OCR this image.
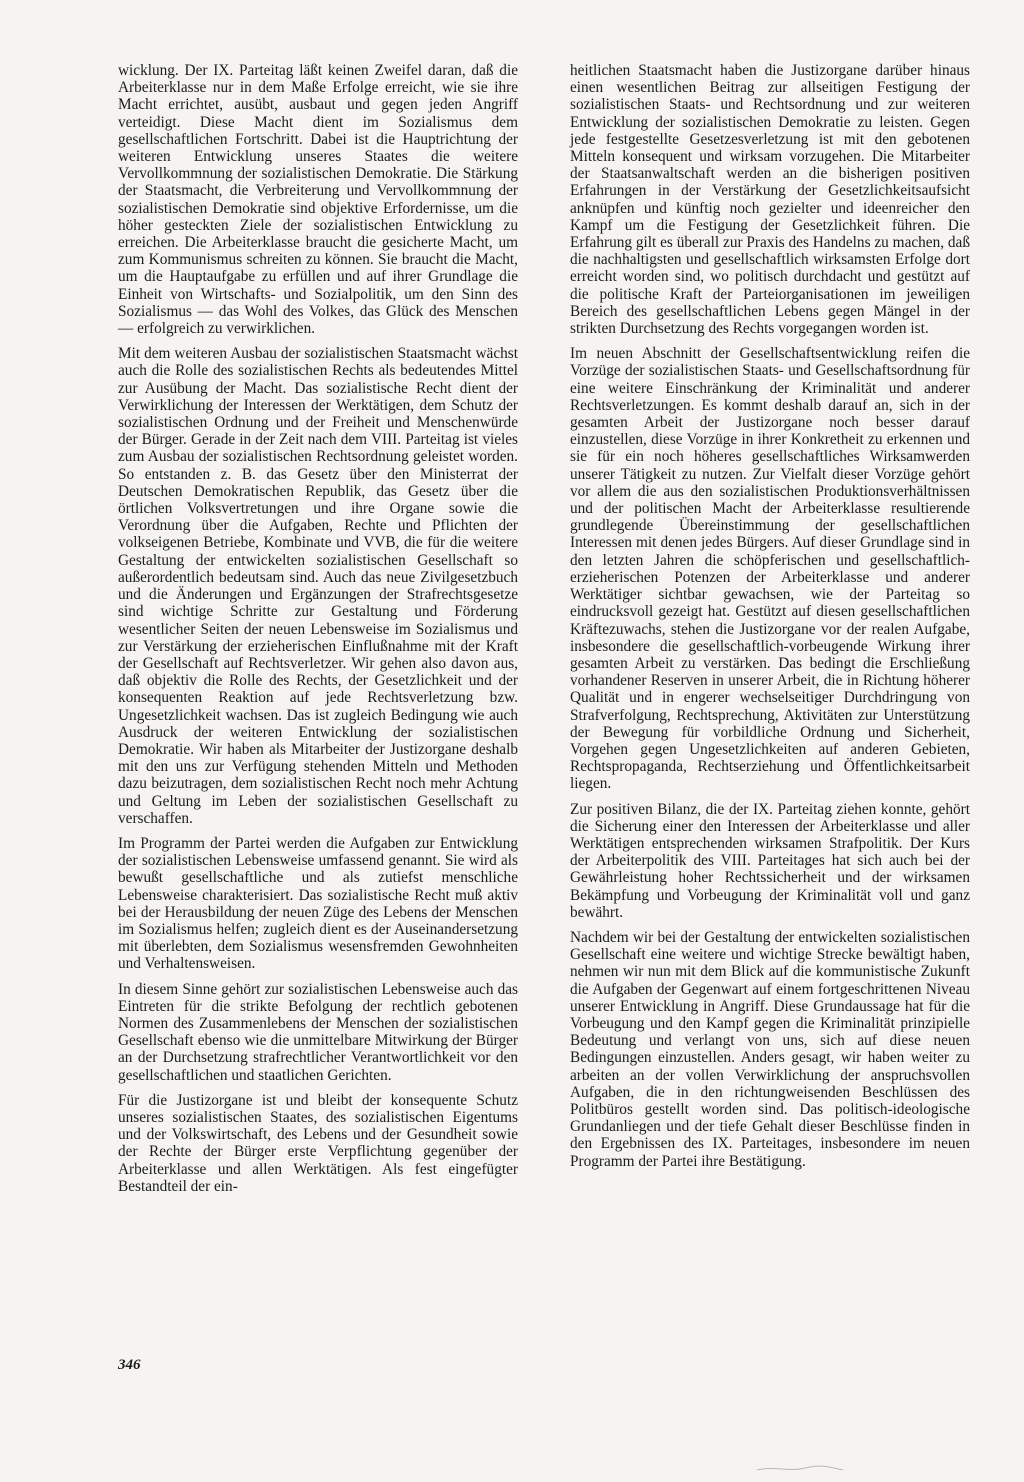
wicklung. Der IX. Parteitag läßt keinen Zweifel daran, daß die Arbeiterklasse nur in dem Maße Erfolge erreicht, wie sie ihre Macht errichtet, ausübt, ausbaut und gegen jeden Angriff verteidigt. Diese Macht dient im Sozialismus dem gesellschaftlichen Fortschritt. Dabei ist die Hauptrichtung der weiteren Entwicklung unseres Staates die weitere Vervollkommnung der sozialistischen Demokratie. Die Stärkung der Staatsmacht, die Verbreiterung und Vervollkommnung der sozialistischen Demokratie sind objektive Erfordernisse, um die höher gesteckten Ziele der sozialistischen Entwicklung zu erreichen. Die Arbeiterklasse braucht die gesicherte Macht, um zum Kommunismus schreiten zu können. Sie braucht die Macht, um die Hauptaufgabe zu erfüllen und auf ihrer Grundlage die Einheit von Wirtschafts- und Sozialpolitik, um den Sinn des Sozialismus — das Wohl des Volkes, das Glück des Menschen — erfolgreich zu verwirklichen.

Mit dem weiteren Ausbau der sozialistischen Staatsmacht wächst auch die Rolle des sozialistischen Rechts als bedeutendes Mittel zur Ausübung der Macht. Das sozialistische Recht dient der Verwirklichung der Interessen der Werktätigen, dem Schutz der sozialistischen Ordnung und der Freiheit und Menschenwürde der Bürger. Gerade in der Zeit nach dem VIII. Parteitag ist vieles zum Ausbau der sozialistischen Rechtsordnung geleistet worden. So entstanden z. B. das Gesetz über den Ministerrat der Deutschen Demokratischen Republik, das Gesetz über die örtlichen Volksvertretungen und ihre Organe sowie die Verordnung über die Aufgaben, Rechte und Pflichten der volkseigenen Betriebe, Kombinate und VVB, die für die weitere Gestaltung der entwickelten sozialistischen Gesellschaft so außerordentlich bedeutsam sind. Auch das neue Zivilgesetzbuch und die Änderungen und Ergänzungen der Strafrechtsgesetze sind wichtige Schritte zur Gestaltung und Förderung wesentlicher Seiten der neuen Lebensweise im Sozialismus und zur Verstärkung der erzieherischen Einflußnahme mit der Kraft der Gesellschaft auf Rechtsverletzer. Wir gehen also davon aus, daß objektiv die Rolle des Rechts, der Gesetzlichkeit und der konsequenten Reaktion auf jede Rechtsverletzung bzw. Ungesetzlichkeit wachsen. Das ist zugleich Bedingung wie auch Ausdruck der weiteren Entwicklung der sozialistischen Demokratie. Wir haben als Mitarbeiter der Justizorgane deshalb mit den uns zur Verfügung stehenden Mitteln und Methoden dazu beizutragen, dem sozialistischen Recht noch mehr Achtung und Geltung im Leben der sozialistischen Gesellschaft zu verschaffen.

Im Programm der Partei werden die Aufgaben zur Entwicklung der sozialistischen Lebensweise umfassend genannt. Sie wird als bewußt gesellschaftliche und als zutiefst menschliche Lebensweise charakterisiert. Das sozialistische Recht muß aktiv bei der Herausbildung der neuen Züge des Lebens der Menschen im Sozialismus helfen; zugleich dient es der Auseinandersetzung mit überlebten, dem Sozialismus wesensfremden Gewohnheiten und Verhaltensweisen.

In diesem Sinne gehört zur sozialistischen Lebensweise auch das Eintreten für die strikte Befolgung der rechtlich gebotenen Normen des Zusammenlebens der Menschen der sozialistischen Gesellschaft ebenso wie die unmittelbare Mitwirkung der Bürger an der Durchsetzung strafrechtlicher Verantwortlichkeit vor den gesellschaftlichen und staatlichen Gerichten.

Für die Justizorgane ist und bleibt der konsequente Schutz unseres sozialistischen Staates, des sozialistischen Eigentums und der Volkswirtschaft, des Lebens und der Gesundheit sowie der Rechte der Bürger erste Verpflichtung gegenüber der Arbeiterklasse und allen Werktätigen. Als fest eingefügter Bestandteil der ein-

heitlichen Staatsmacht haben die Justizorgane darüber hinaus einen wesentlichen Beitrag zur allseitigen Festigung der sozialistischen Staats- und Rechtsordnung und zur weiteren Entwicklung der sozialistischen Demokratie zu leisten. Gegen jede festgestellte Gesetzesverletzung ist mit den gebotenen Mitteln konsequent und wirksam vorzugehen. Die Mitarbeiter der Staatsanwaltschaft werden an die bisherigen positiven Erfahrungen in der Verstärkung der Gesetzlichkeitsaufsicht anknüpfen und künftig noch gezielter und ideenreicher den Kampf um die Festigung der Gesetzlichkeit führen. Die Erfahrung gilt es überall zur Praxis des Handelns zu machen, daß die nachhaltigsten und gesellschaftlich wirksamsten Erfolge dort erreicht worden sind, wo politisch durchdacht und gestützt auf die politische Kraft der Parteiorganisationen im jeweiligen Bereich des gesellschaftlichen Lebens gegen Mängel in der strikten Durchsetzung des Rechts vorgegangen worden ist.

Im neuen Abschnitt der Gesellschaftsentwicklung reifen die Vorzüge der sozialistischen Staats- und Gesellschaftsordnung für eine weitere Einschränkung der Kriminalität und anderer Rechtsverletzungen. Es kommt deshalb darauf an, sich in der gesamten Arbeit der Justizorgane noch besser darauf einzustellen, diese Vorzüge in ihrer Konkretheit zu erkennen und sie für ein noch höheres gesellschaftliches Wirksamwerden unserer Tätigkeit zu nutzen. Zur Vielfalt dieser Vorzüge gehört vor allem die aus den sozialistischen Produktionsverhältnissen und der politischen Macht der Arbeiterklasse resultierende grundlegende Übereinstimmung der gesellschaftlichen Interessen mit denen jedes Bürgers. Auf dieser Grundlage sind in den letzten Jahren die schöpferischen und gesellschaftlich-erzieherischen Potenzen der Arbeiterklasse und anderer Werktätiger sichtbar gewachsen, wie der Parteitag so eindrucksvoll gezeigt hat. Gestützt auf diesen gesellschaftlichen Kräftezuwachs, stehen die Justizorgane vor der realen Aufgabe, insbesondere die gesellschaftlich-vorbeugende Wirkung ihrer gesamten Arbeit zu verstärken. Das bedingt die Erschließung vorhandener Reserven in unserer Arbeit, die in Richtung höherer Qualität und in engerer wechselseitiger Durchdringung von Strafverfolgung, Rechtsprechung, Aktivitäten zur Unterstützung der Bewegung für vorbildliche Ordnung und Sicherheit, Vorgehen gegen Ungesetzlichkeiten auf anderen Gebieten, Rechtspropaganda, Rechtserziehung und Öffentlichkeitsarbeit liegen.

Zur positiven Bilanz, die der IX. Parteitag ziehen konnte, gehört die Sicherung einer den Interessen der Arbeiterklasse und aller Werktätigen entsprechenden wirksamen Strafpolitik. Der Kurs der Arbeiterpolitik des VIII. Parteitages hat sich auch bei der Gewährleistung hoher Rechtssicherheit und der wirksamen Bekämpfung und Vorbeugung der Kriminalität voll und ganz bewährt.

Nachdem wir bei der Gestaltung der entwickelten sozialistischen Gesellschaft eine weitere und wichtige Strecke bewältigt haben, nehmen wir nun mit dem Blick auf die kommunistische Zukunft die Aufgaben der Gegenwart auf einem fortgeschrittenen Niveau unserer Entwicklung in Angriff. Diese Grundaussage hat für die Vorbeugung und den Kampf gegen die Kriminalität prinzipielle Bedeutung und verlangt von uns, sich auf diese neuen Bedingungen einzustellen. Anders gesagt, wir haben weiter zu arbeiten an der vollen Verwirklichung der anspruchsvollen Aufgaben, die in den richtungweisenden Beschlüssen des Politbüros gestellt worden sind. Das politisch-ideologische Grundanliegen und der tiefe Gehalt dieser Beschlüsse finden in den Ergebnissen des IX. Parteitages, insbesondere im neuen Programm der Partei ihre Bestätigung.

346
